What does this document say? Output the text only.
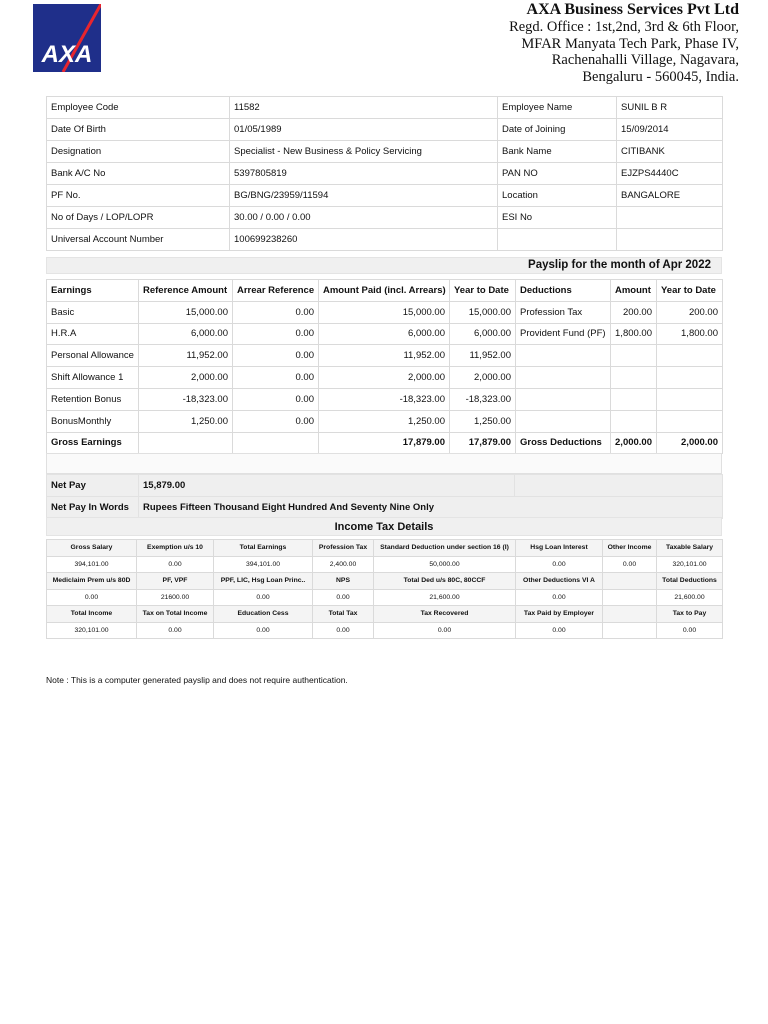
AXA
AXA Business Services Pvt Ltd
Regd. Office : 1st,2nd, 3rd & 6th Floor,
MFAR Manyata Tech Park, Phase IV,
Rachenahalli Village, Nagavara,
Bengaluru - 560045, India.
Employee Code	11582	Employee Name	SUNIL B R
Date Of Birth	01/05/1989	Date of Joining	15/09/2014
Designation	Specialist - New Business & Policy Servicing	Bank Name	CITIBANK
Bank A/C No	5397805819	PAN NO	EJZPS4440C
PF No.	BG/BNG/23959/11594	Location	BANGALORE
No of Days / LOP/LOPR	30.00 / 0.00 / 0.00	ESI No	
Universal Account Number	100699238260		
Payslip for the month of Apr 2022
Earnings	Reference Amount	Arrear Reference	Amount Paid (incl. Arrears)	Year to Date	Deductions	Amount	Year to Date
Basic	15,000.00	0.00	15,000.00	15,000.00	Profession Tax	200.00	200.00
H.R.A	6,000.00	0.00	6,000.00	6,000.00	Provident Fund (PF)	1,800.00	1,800.00
Personal Allowance	11,952.00	0.00	11,952.00	11,952.00			
Shift Allowance 1	2,000.00	0.00	2,000.00	2,000.00			
Retention Bonus	-18,323.00	0.00	-18,323.00	-18,323.00			
BonusMonthly	1,250.00	0.00	1,250.00	1,250.00			
Gross Earnings			17,879.00	17,879.00	Gross Deductions	2,000.00	2,000.00
Net Pay	15,879.00	
Net Pay In Words	Rupees Fifteen Thousand Eight Hundred And Seventy Nine Only	
Income Tax Details
Gross Salary	Exemption u/s 10	Total Earnings	Profession Tax	Standard Deduction under section 16 (I)	Hsg Loan Interest	Other Income	Taxable Salary
394,101.00	0.00	394,101.00	2,400.00	50,000.00	0.00	0.00	320,101.00
Mediclaim Prem u/s 80D	PF, VPF	PPF, LIC, Hsg Loan Princ..	NPS	Total Ded u/s 80C, 80CCF	Other Deductions VI A		Total Deductions
0.00	21600.00	0.00	0.00	21,600.00	0.00		21,600.00
Total Income	Tax on Total Income	Education Cess	Total Tax	Tax Recovered	Tax Paid by Employer		Tax to Pay
320,101.00	0.00	0.00	0.00	0.00	0.00		0.00
Note : This is a computer generated payslip and does not require authentication.
